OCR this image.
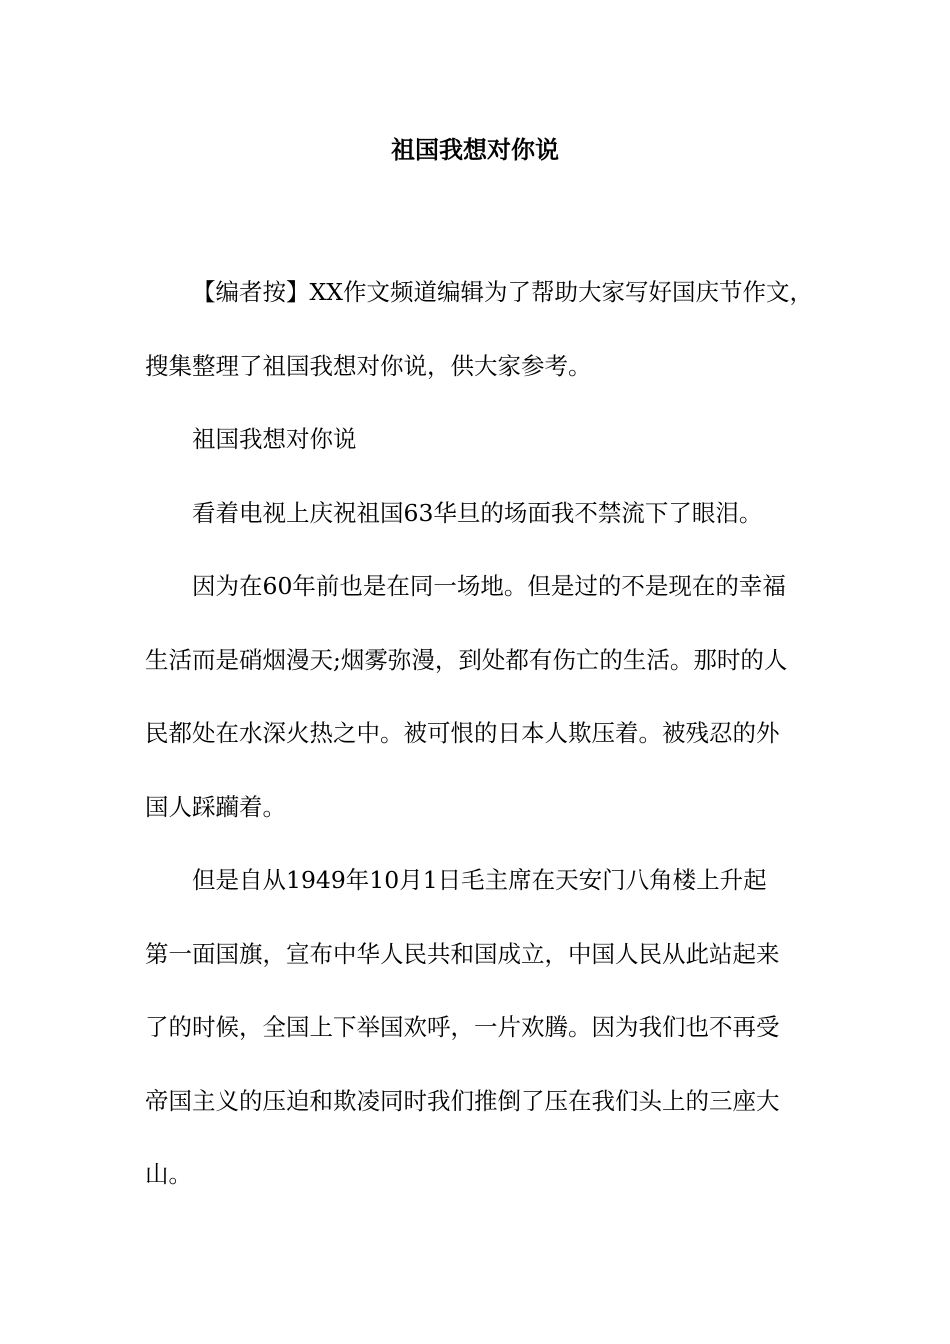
祖国我想对你说
【编者按】XX作文频道编辑为了帮助大家写好国庆节作文，
搜集整理了祖国我想对你说，供大家参考。
祖国我想对你说
看着电视上庆祝祖国63华旦的场面我不禁流下了眼泪。
因为在60年前也是在同一场地。但是过的不是现在的幸福
生活而是硝烟漫天;烟雾弥漫，到处都有伤亡的生活。那时的人
民都处在水深火热之中。被可恨的日本人欺压着。被残忍的外
国人踩躏着。
但是自从1949年10月1日毛主席在天安门八角楼上升起
第一面国旗，宣布中华人民共和国成立，中国人民从此站起来
了的时候，全国上下举国欢呼，一片欢腾。因为我们也不再受
帝国主义的压迫和欺凌同时我们推倒了压在我们头上的三座大
山。
